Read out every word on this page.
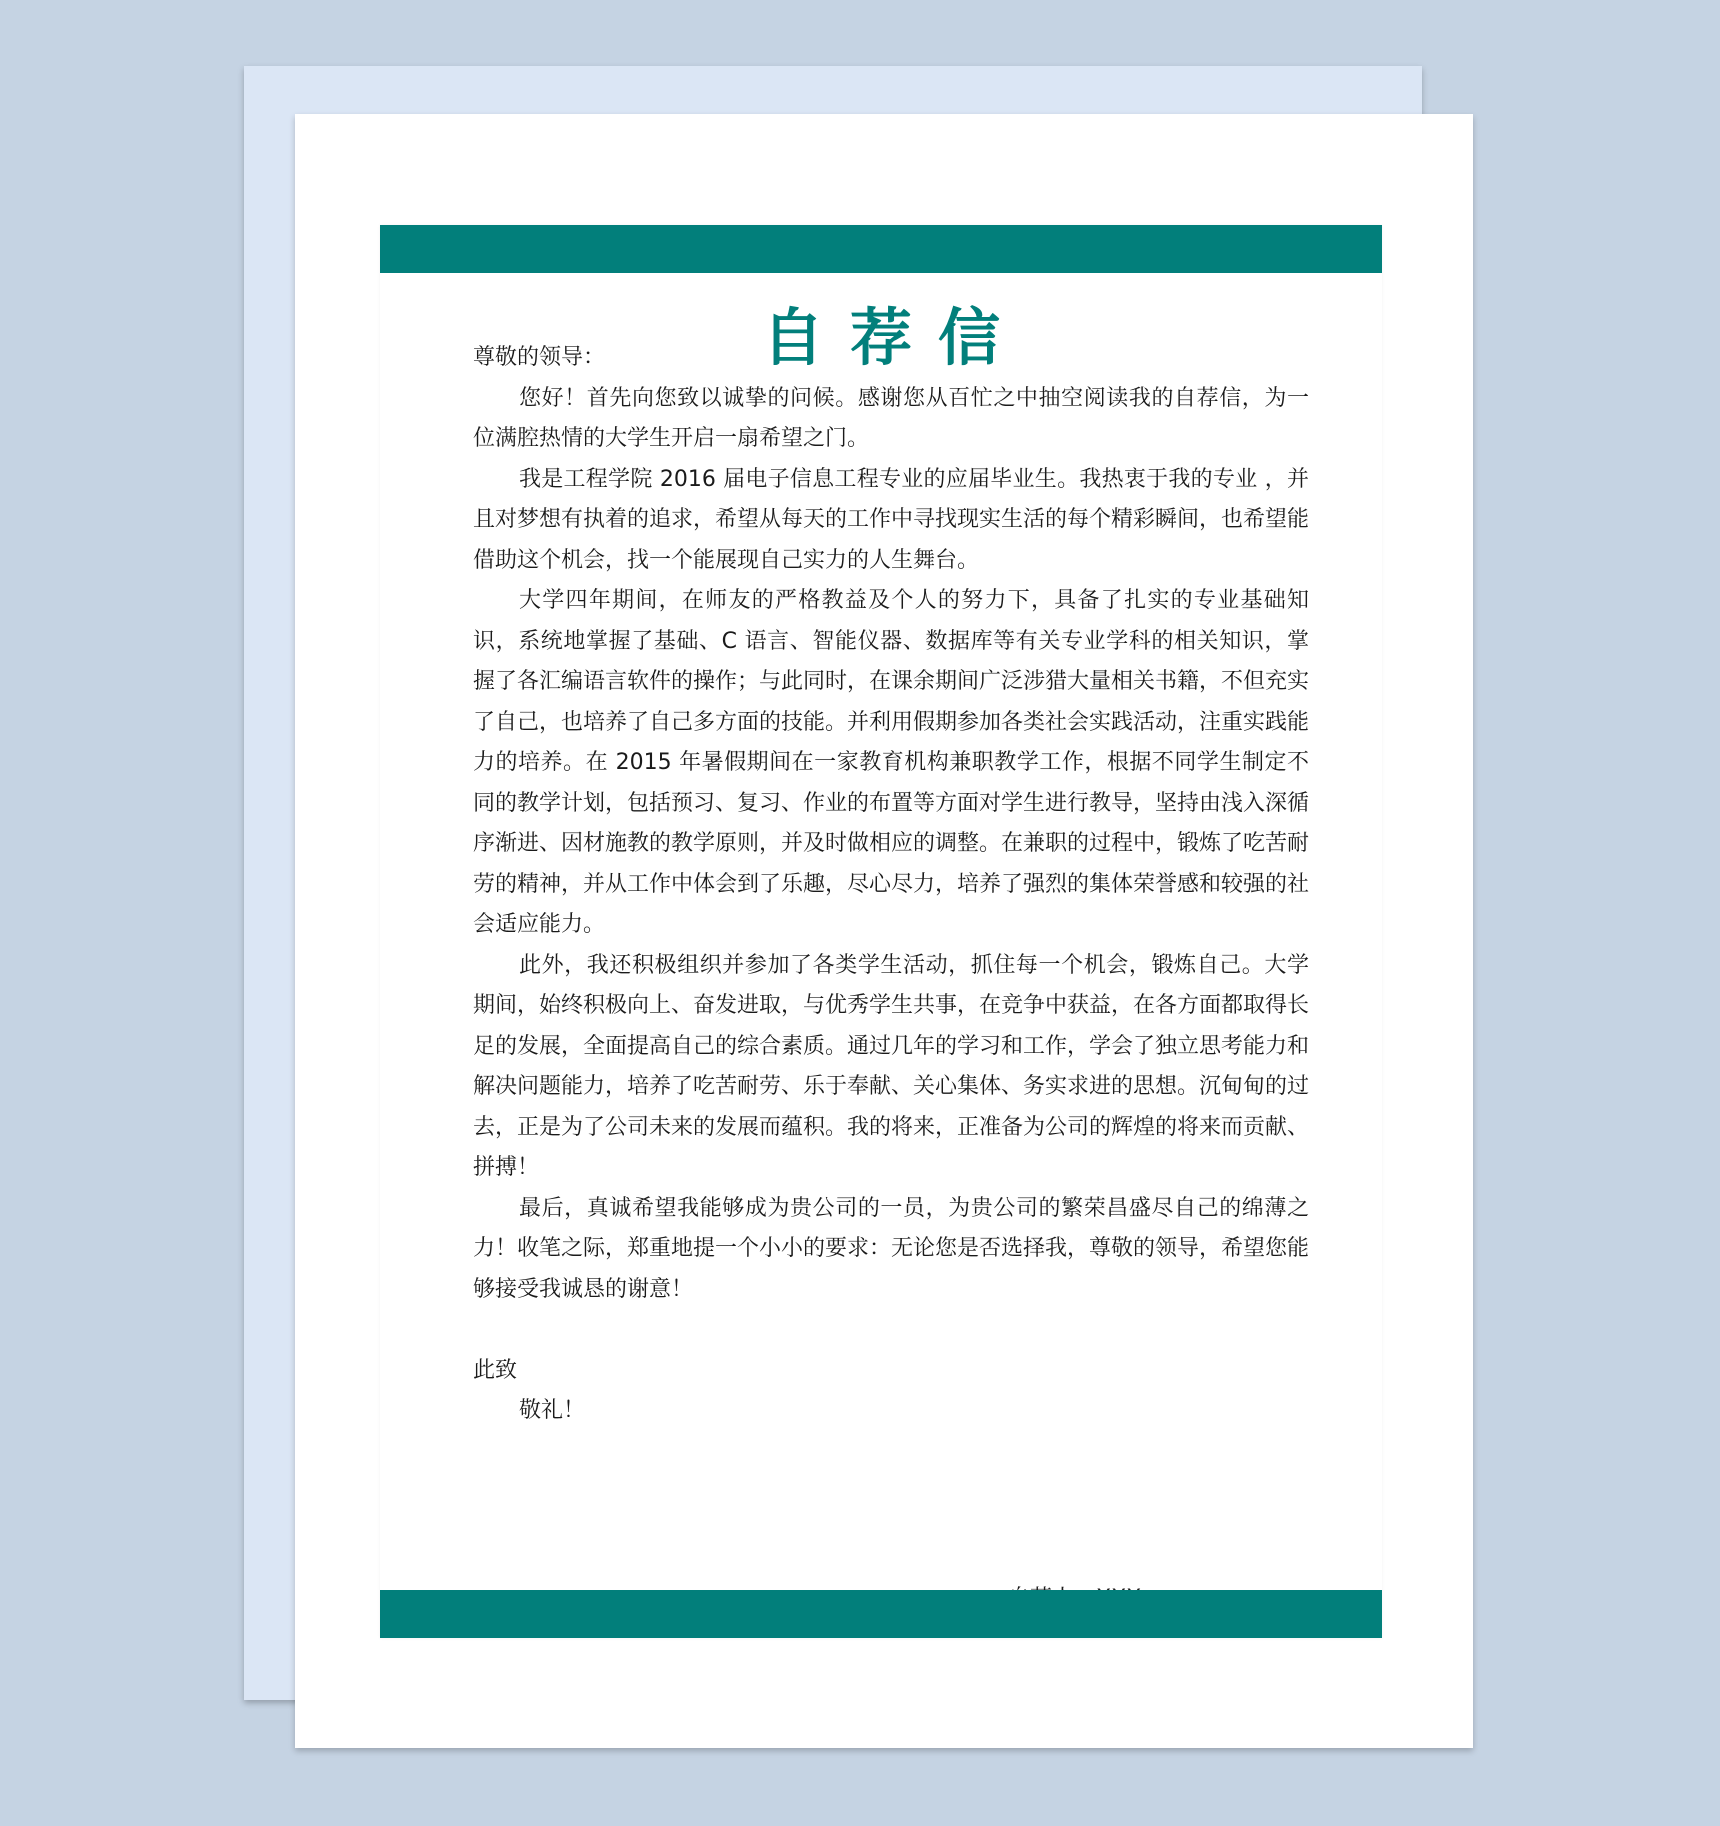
自荐信

尊敬的领导：

您好！首先向您致以诚挚的问候。感谢您从百忙之中抽空阅读我的自荐信，为一位满腔热情的大学生开启一扇希望之门。

我是工程学院 2016 届电子信息工程专业的应届毕业生。我热衷于我的专业 ，并且对梦想有执着的追求，希望从每天的工作中寻找现实生活的每个精彩瞬间，也希望能借助这个机会，找一个能展现自己实力的人生舞台。

大学四年期间，在师友的严格教益及个人的努力下，具备了扎实的专业基础知识，系统地掌握了基础、C 语言、智能仪器、数据库等有关专业学科的相关知识，掌握了各汇编语言软件的操作；与此同时，在课余期间广泛涉猎大量相关书籍，不但充实了自己，也培养了自己多方面的技能。并利用假期参加各类社会实践活动，注重实践能力的培养。在 2015 年暑假期间在一家教育机构兼职教学工作，根据不同学生制定不同的教学计划，包括预习、复习、作业的布置等方面对学生进行教导，坚持由浅入深循序渐进、因材施教的教学原则，并及时做相应的调整。在兼职的过程中，锻炼了吃苦耐劳的精神，并从工作中体会到了乐趣，尽心尽力，培养了强烈的集体荣誉感和较强的社会适应能力。

此外，我还积极组织并参加了各类学生活动，抓住每一个机会，锻炼自己。大学期间，始终积极向上、奋发进取，与优秀学生共事，在竞争中获益，在各方面都取得长足的发展，全面提高自己的综合素质。通过几年的学习和工作，学会了独立思考能力和解决问题能力，培养了吃苦耐劳、乐于奉献、关心集体、务实求进的思想。沉甸甸的过去，正是为了公司未来的发展而蕴积。我的将来，正准备为公司的辉煌的将来而贡献、拼搏！

最后，真诚希望我能够成为贵公司的一员，为贵公司的繁荣昌盛尽自己的绵薄之力！收笔之际，郑重地提一个小小的要求：无论您是否选择我，尊敬的领导，希望您能够接受我诚恳的谢意！

此致

敬礼！
